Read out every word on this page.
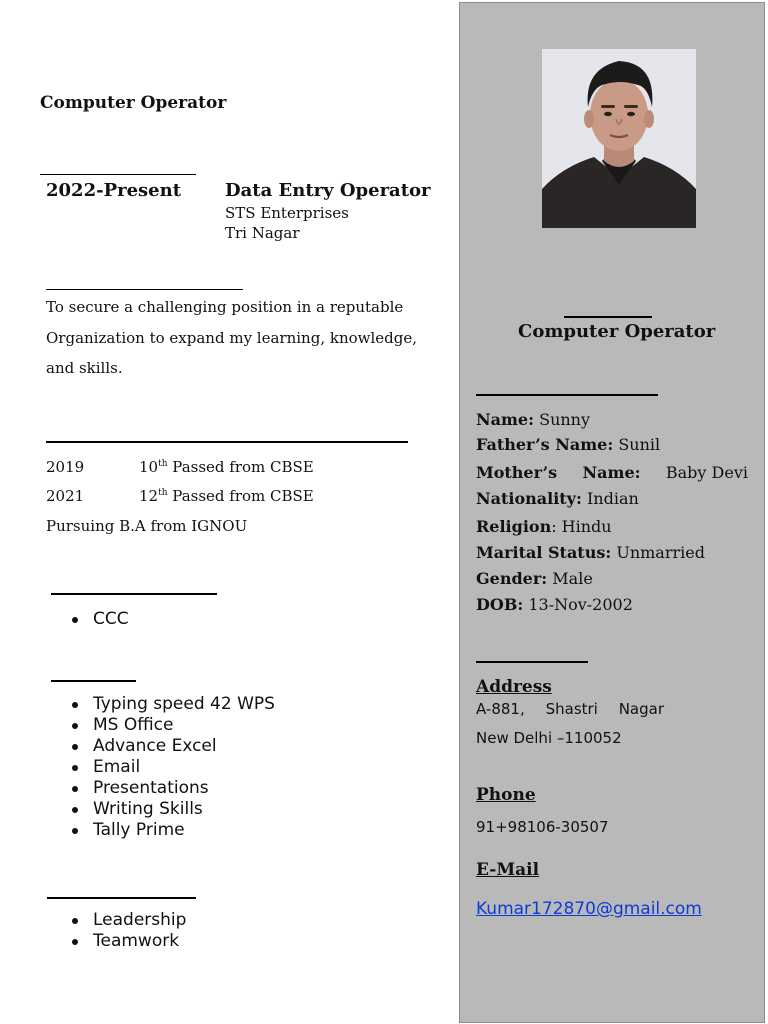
Computer Operator
Name: Sunny
Father’s Name: Sunil
Mother’s Name: Baby Devi
Nationality: Indian
Religion: Hindu
Marital Status: Unmarried
Gender: Male
DOB: 13-Nov-2002
Address
A-881, Shastri Nagar
New Delhi –110052
Phone
91+98106-30507
E-Mail
Kumar172870@gmail.com
Computer Operator
2022-Present Data Entry Operator
STS Enterprises
Tri Nagar
To secure a challenging position in a reputable
Organization to expand my learning, knowledge,
and skills.
2019	10th Passed from CBSE
2021	12th Passed from CBSE
Pursuing B.A from IGNOU
CCC
Typing speed 42 WPS
MS Office
Advance Excel
Email
Presentations
Writing Skills
Tally Prime
Leadership
Teamwork
